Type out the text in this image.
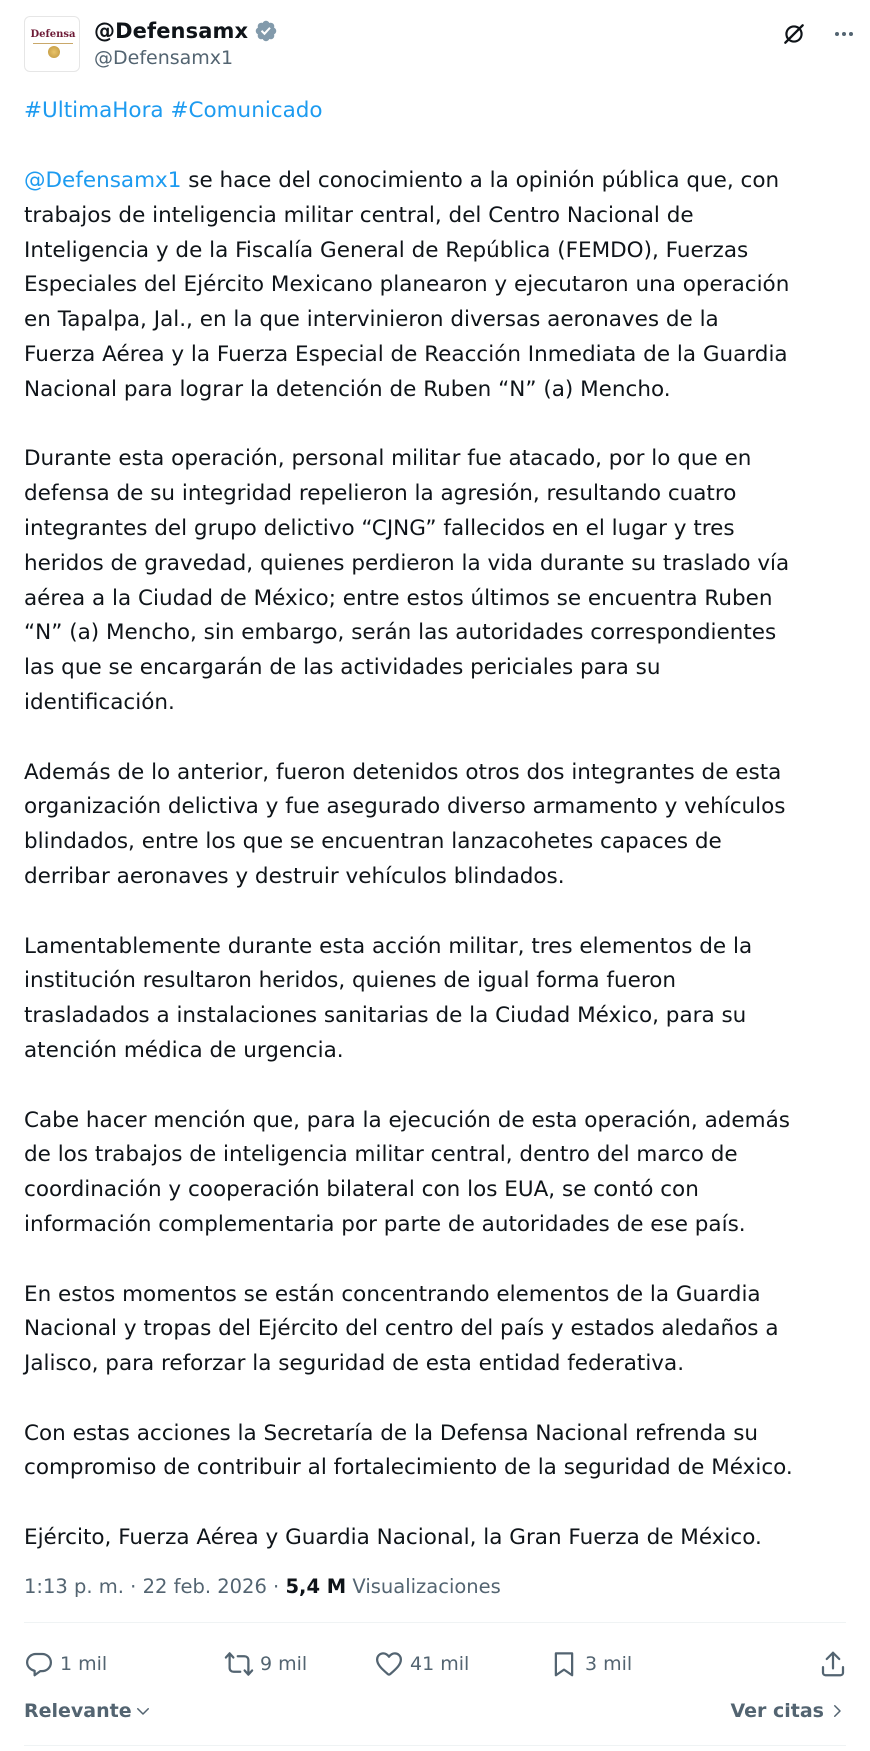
Defensa @Defensamx
@Defensamx1
#UltimaHora #Comunicado
@Defensamx1 se hace del conocimiento a la opinión pública que, con
trabajos de inteligencia militar central, del Centro Nacional de
Inteligencia y de la Fiscalía General de República (FEMDO), Fuerzas
Especiales del Ejército Mexicano planearon y ejecutaron una operación
en Tapalpa, Jal., en la que intervinieron diversas aeronaves de la
Fuerza Aérea y la Fuerza Especial de Reacción Inmediata de la Guardia
Nacional para lograr la detención de Ruben “N” (a) Mencho.
Durante esta operación, personal militar fue atacado, por lo que en
defensa de su integridad repelieron la agresión, resultando cuatro
integrantes del grupo delictivo “CJNG” fallecidos en el lugar y tres
heridos de gravedad, quienes perdieron la vida durante su traslado vía
aérea a la Ciudad de México; entre estos últimos se encuentra Ruben
“N” (a) Mencho, sin embargo, serán las autoridades correspondientes
las que se encargarán de las actividades periciales para su
identificación.
Además de lo anterior, fueron detenidos otros dos integrantes de esta
organización delictiva y fue asegurado diverso armamento y vehículos
blindados, entre los que se encuentran lanzacohetes capaces de
derribar aeronaves y destruir vehículos blindados.
Lamentablemente durante esta acción militar, tres elementos de la
institución resultaron heridos, quienes de igual forma fueron
trasladados a instalaciones sanitarias de la Ciudad México, para su
atención médica de urgencia.
Cabe hacer mención que, para la ejecución de esta operación, además
de los trabajos de inteligencia militar central, dentro del marco de
coordinación y cooperación bilateral con los EUA, se contó con
información complementaria por parte de autoridades de ese país.
En estos momentos se están concentrando elementos de la Guardia
Nacional y tropas del Ejército del centro del país y estados aledaños a
Jalisco, para reforzar la seguridad de esta entidad federativa.
Con estas acciones la Secretaría de la Defensa Nacional refrenda su
compromiso de contribuir al fortalecimiento de la seguridad de México.
Ejército, Fuerza Aérea y Guardia Nacional, la Gran Fuerza de México.
1:13 p. m. · 22 feb. 2026 · 5,4 M Visualizaciones
1 mil	9 mil	41 mil	3 mil
Relevante	Ver citas
